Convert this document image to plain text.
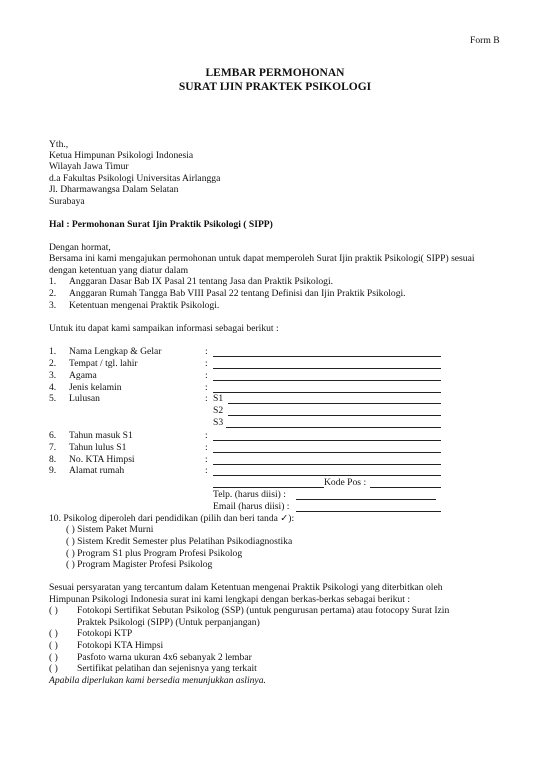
Form B
LEMBAR PERMOHONAN
SURAT IJIN PRAKTEK PSIKOLOGI
Yth.,
Ketua Himpunan Psikologi Indonesia
Wilayah Jawa Timur
d.a Fakultas Psikologi Universitas Airlangga
Jl. Dharmawangsa Dalam Selatan
Surabaya
Hal : Permohonan Surat Ijin Praktik Psikologi ( SIPP)
Dengan hormat,
Bersama ini kami mengajukan permohonan untuk dapat memperoleh Surat Ijin praktik Psikologi( SIPP) sesuai
dengan ketentuan yang diatur dalam
1. Anggaran Dasar Bab IX Pasal 21 tentang Jasa dan Praktik Psikologi.
2. Anggaran Rumah Tangga Bab VIII Pasal 22 tentang Definisi dan Ijin Praktik Psikologi.
3. Ketentuan mengenai Praktik Psikologi.
Untuk itu dapat kami sampaikan informasi sebagai berikut :
1. Nama Lengkap & Gelar	:
2. Tempat / tgl. lahir	:
3. Agama	:
4. Jenis kelamin	:
5. Lulusan	: S1
S2
S3
6. Tahun masuk S1	:
7. Tahun lulus S1	:
8. No. KTA Himpsi	:
9. Alamat rumah	:
Kode Pos :
Telp. (harus diisi) :
Email (harus diisi) :
10. Psikolog diperoleh dari pendidikan (pilih dan beri tanda ✓):
( ) Sistem Paket Murni
( ) Sistem Kredit Semester plus Pelatihan Psikodiagnostika
( ) Program S1 plus Program Profesi Psikolog
( ) Program Magister Profesi Psikolog
Sesuai persyaratan yang tercantum dalam Ketentuan mengenai Praktik Psikologi yang diterbitkan oleh
Himpunan Psikologi Indonesia surat ini kami lengkapi dengan berkas-berkas sebagai berikut :
( ) Fotokopi Sertifikat Sebutan Psikolog (SSP) (untuk pengurusan pertama) atau fotocopy Surat Izin
Praktek Psikologi (SIPP) (Untuk perpanjangan)
( ) Fotokopi KTP
( ) Fotokopi KTA Himpsi
( ) Pasfoto warna ukuran 4x6 sebanyak 2 lembar
( ) Sertifikat pelatihan dan sejenisnya yang terkait
Apabila diperlukan kami bersedia menunjukkan aslinya.
